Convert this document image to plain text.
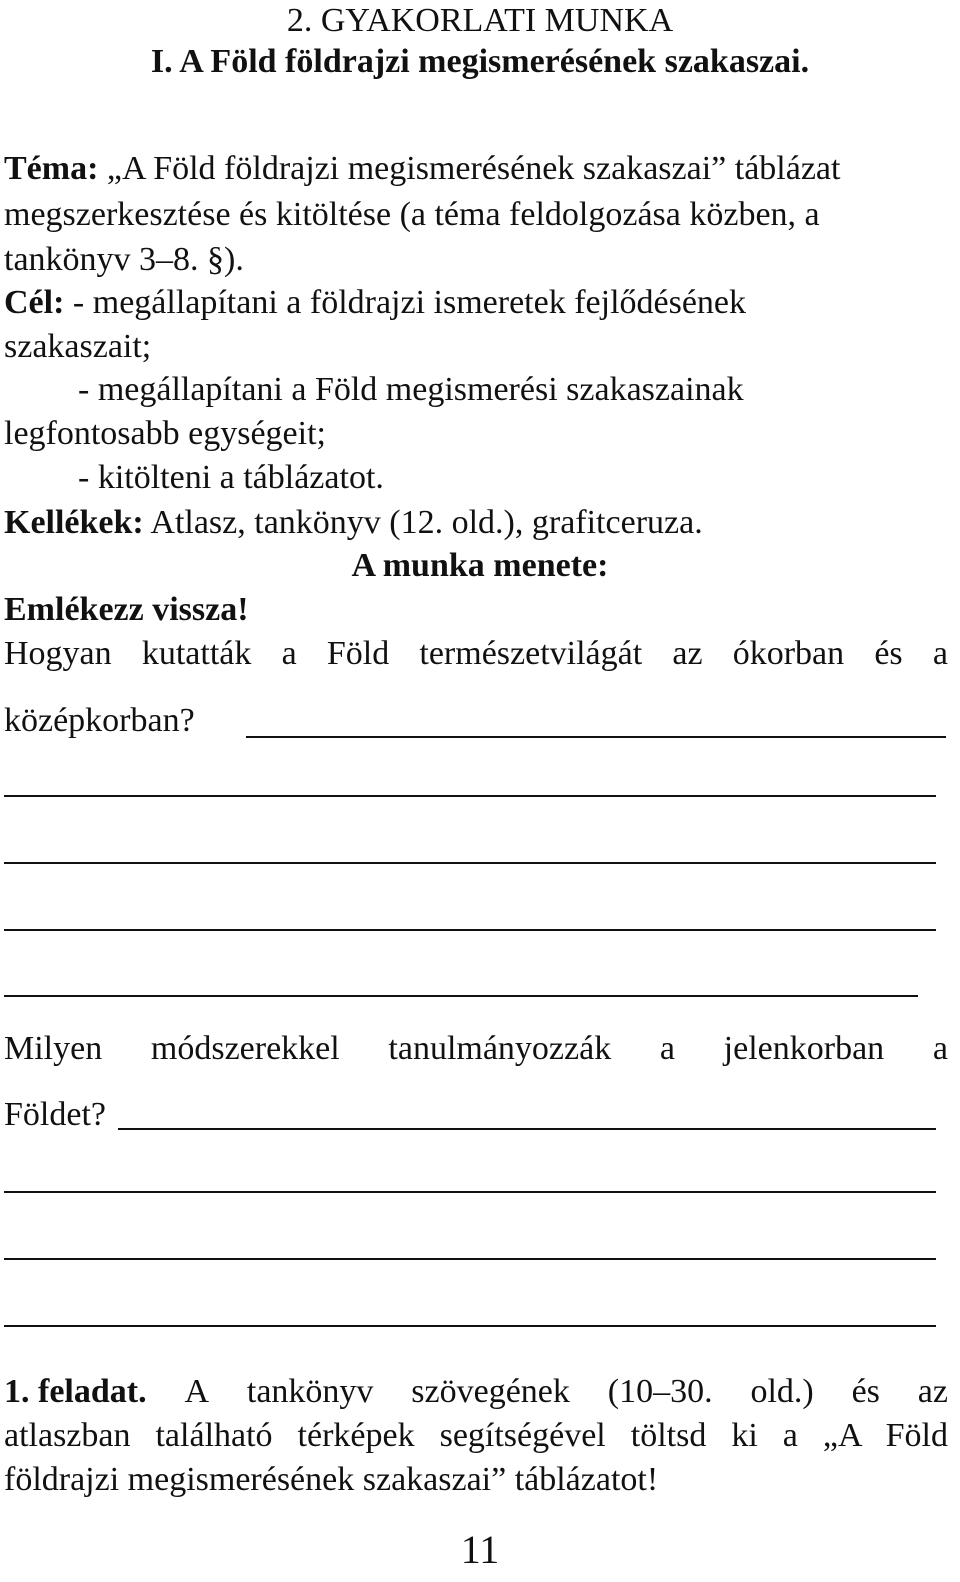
2. GYAKORLATI MUNKA
I. A Föld földrajzi megismerésének szakaszai.
Téma: „A Föld földrajzi megismerésének szakaszai” táblázat
megszerkesztése és kitöltése (a téma feldolgozása közben, a
tankönyv 3–8. §).
Cél: - megállapítani a földrajzi ismeretek fejlődésének
szakaszait;
- megállapítani a Föld megismerési szakaszainak
legfontosabb egységeit;
- kitölteni a táblázatot.
Kellékek: Atlasz, tankönyv (12. old.), grafitceruza.
A munka menete:
Emlékezz vissza!
Hogyan kutatták a Föld természetvilágát az ókorban és a
középkorban?
Milyen módszerekkel tanulmányozzák a jelenkorban a
Földet?
1. feladat. A tankönyv szövegének (10–30. old.) és az
atlaszban található térképek segítségével töltsd ki a „A Föld
földrajzi megismerésének szakaszai” táblázatot!
11
